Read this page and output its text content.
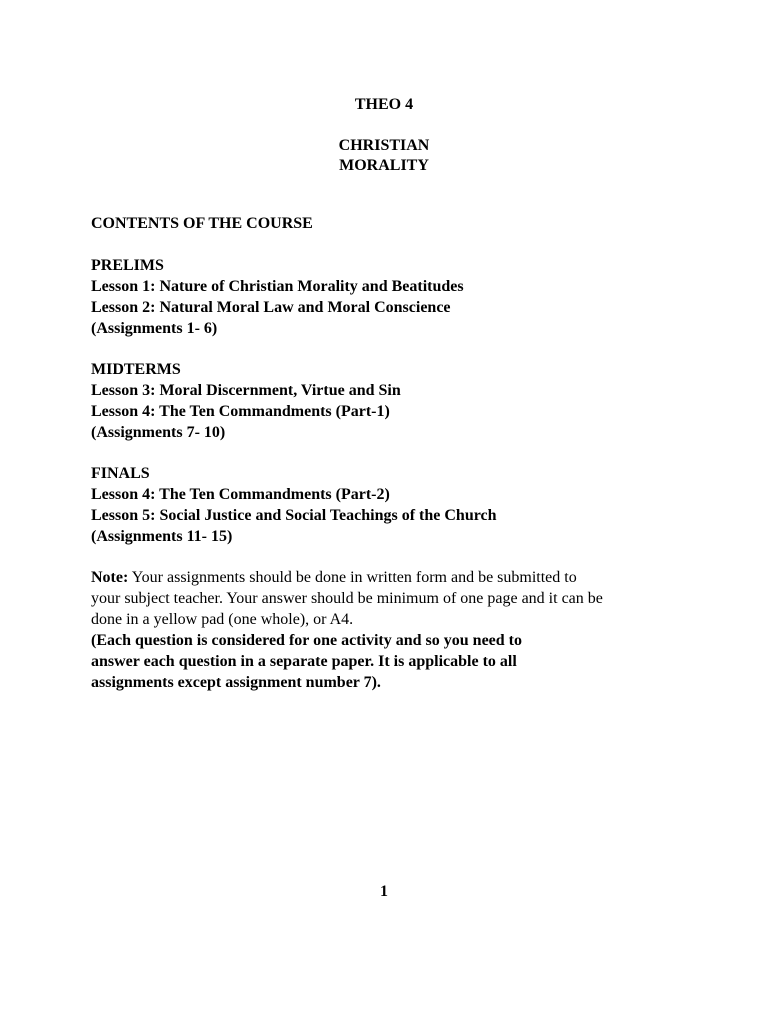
THEO 4
CHRISTIAN
MORALITY
CONTENTS OF THE COURSE
PRELIMS
Lesson 1: Nature of Christian Morality and Beatitudes
Lesson 2: Natural Moral Law and Moral Conscience
(Assignments 1- 6)
MIDTERMS
Lesson 3: Moral Discernment, Virtue and Sin
Lesson 4: The Ten Commandments (Part-1)
(Assignments 7- 10)
FINALS
Lesson 4: The Ten Commandments (Part-2)
Lesson 5: Social Justice and Social Teachings of the Church
(Assignments 11- 15)
Note: Your assignments should be done in written form and be submitted to
your subject teacher. Your answer should be minimum of one page and it can be
done in a yellow pad (one whole), or A4.
(Each question is considered for one activity and so you need to
answer each question in a separate paper. It is applicable to all
assignments except assignment number 7).
1
